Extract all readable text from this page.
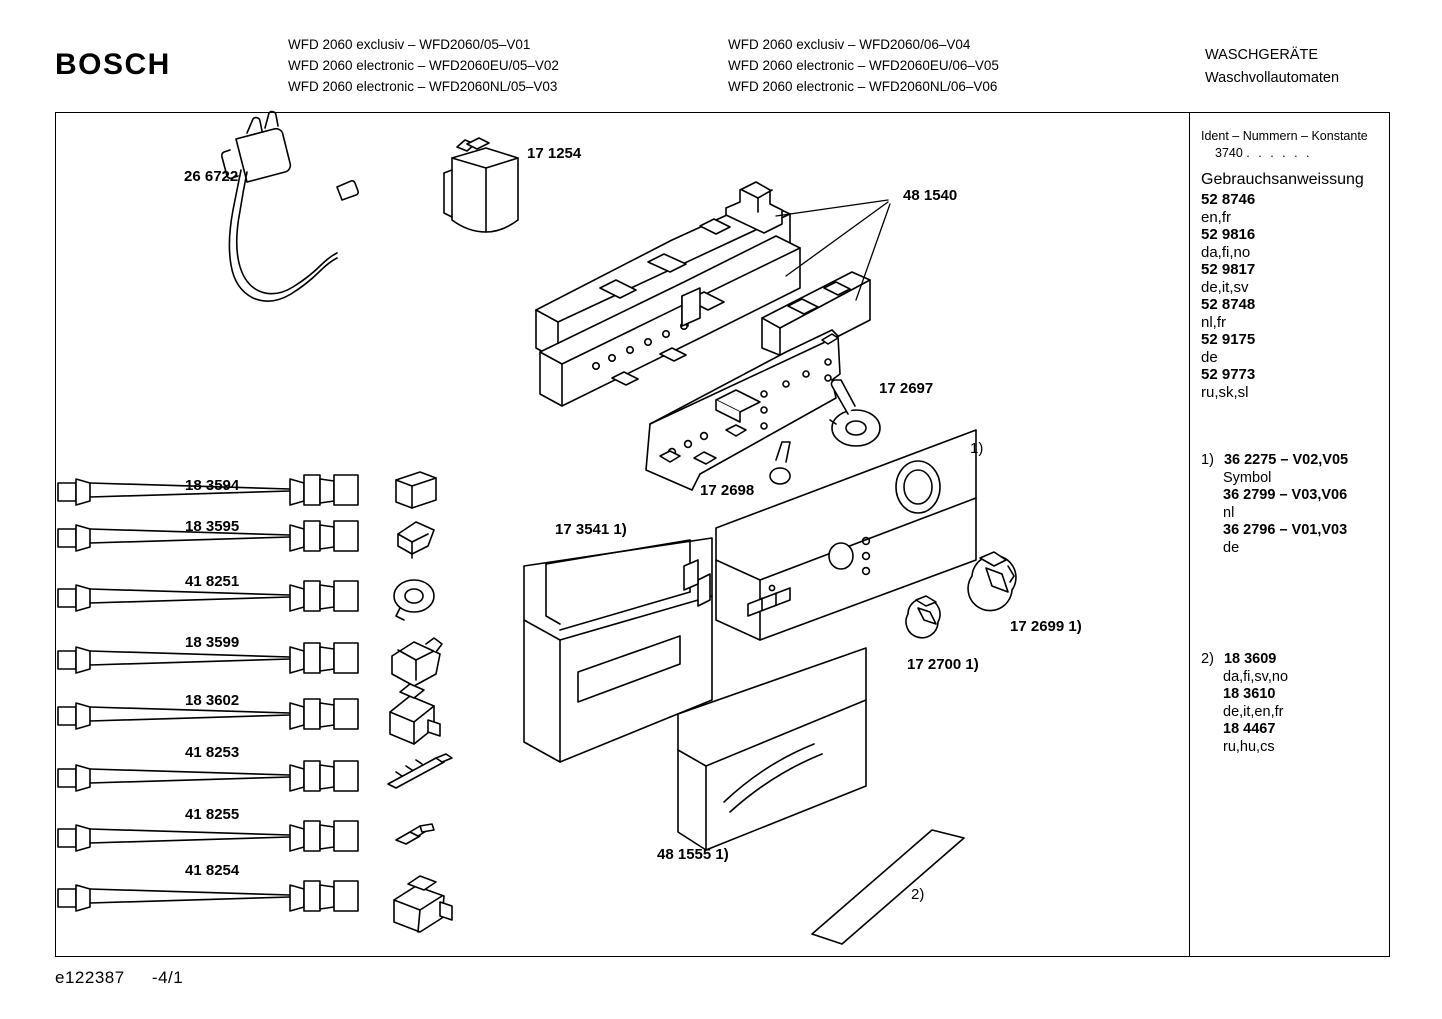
BOSCH
WFD 2060 exclusiv – WFD2060/05–V01
WFD 2060 electronic – WFD2060EU/05–V02
WFD 2060 electronic – WFD2060NL/05–V03
WFD 2060 exclusiv – WFD2060/06–V04
WFD 2060 electronic – WFD2060EU/06–V05
WFD 2060 electronic – WFD2060NL/06–V06
WASCHGERÄTE
Waschvollautomaten
Ident – Nummern – Konstante
3740 . . . . . .
Gebrauchsanweissung
52 8746
en,fr
52 9816
da,fi,no
52 9817
de,it,sv
52 8748
nl,fr
52 9175
de
52 9773
ru,sk,sl
1) 36 2275 – V02,V05
Symbol
36 2799 – V03,V06
nl
36 2796 – V01,V03
de
2) 18 3609
da,fi,sv,no
18 3610
de,it,en,fr
18 4467
ru,hu,cs
26 6722
17 1254
48 1540
17 2697
17 2698
17 3541 1)
17 2699 1)
17 2700 1)
48 1555 1)
2)
1)
18 3594
18 3595
41 8251
18 3599
18 3602
41 8253
41 8255
41 8254
e122387 -4/1
